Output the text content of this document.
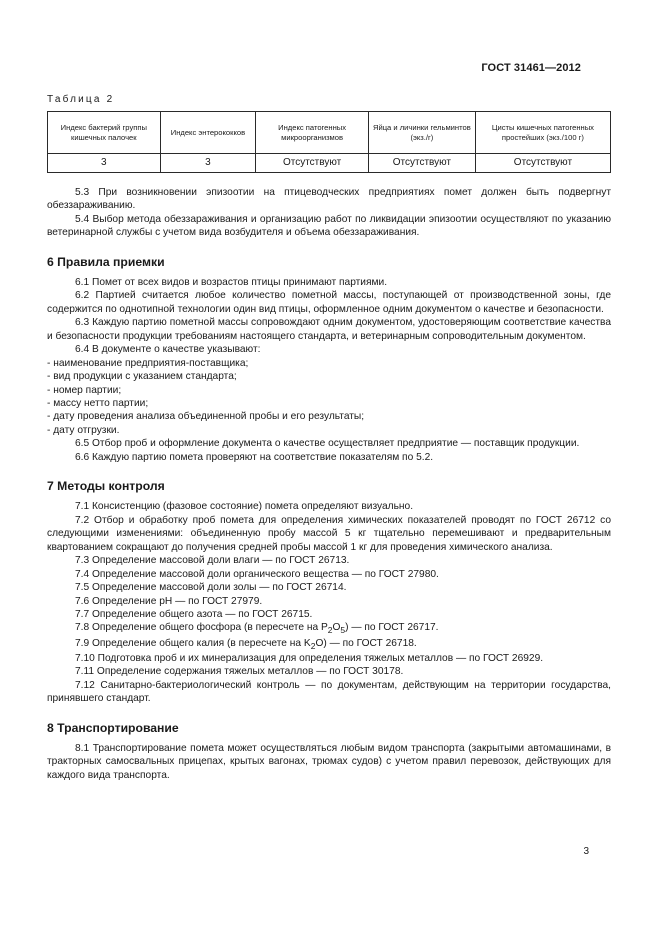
ГОСТ 31461—2012
Таблица 2
Индекс бактерий группы кишечных палочек	Индекс энтерококков	Индекс патогенных микроорганизмов	Яйца и личинки гельминтов (экз./г)	Цисты кишечных патогенных простейших (экз./100 г)
3	3	Отсутствуют	Отсутствуют	Отсутствуют

5.3 При возникновении эпизоотии на птицеводческих предприятиях помет должен быть подвергнут обеззараживанию.

5.4 Выбор метода обеззараживания и организацию работ по ликвидации эпизоотии осуществляют по указанию ветеринарной службы с учетом вида возбудителя и объема обеззараживания.

6 Правила приемки

6.1 Помет от всех видов и возрастов птицы принимают партиями.

6.2 Партией считается любое количество пометной массы, поступающей от производственной зоны, где содержится по однотипной технологии один вид птицы, оформленное одним документом о качестве и безопасности.

6.3 Каждую партию пометной массы сопровождают одним документом, удостоверяющим соответствие качества и безопасности продукции требованиям настоящего стандарта, и ветеринарным сопроводительным документом.

6.4 В документе о качестве указывают:

- наименование предприятия-поставщика;

- вид продукции с указанием стандарта;

- номер партии;

- массу нетто партии;

- дату проведения анализа объединенной пробы и его результаты;

- дату отгрузки.

6.5 Отбор проб и оформление документа о качестве осуществляет предприятие — поставщик продукции.

6.6 Каждую партию помета проверяют на соответствие показателям по 5.2.

7 Методы контроля

7.1 Консистенцию (фазовое состояние) помета определяют визуально.

7.2 Отбор и обработку проб помета для определения химических показателей проводят по ГОСТ 26712 со следующими изменениями: объединенную пробу массой 5 кг тщательно перемешивают и предварительным квартованием сокращают до получения средней пробы массой 1 кг для проведения химического анализа.

7.3 Определение массовой доли влаги — по ГОСТ 26713.

7.4 Определение массовой доли органического вещества — по ГОСТ 27980.

7.5 Определение массовой доли золы — по ГОСТ 26714.

7.6 Определение pH — по ГОСТ 27979.

7.7 Определение общего азота — по ГОСТ 26715.

7.8 Определение общего фосфора (в пересчете на $P_2O_5$) — по ГОСТ 26717.

7.9 Определение общего калия (в пересчете на $K_2O$) — по ГОСТ 26718.

7.10 Подготовка проб и их минерализация для определения тяжелых металлов — по ГОСТ 26929.

7.11 Определение содержания тяжелых металлов — по ГОСТ 30178.

7.12 Санитарно-бактериологический контроль — по документам, действующим на территории государства, принявшего стандарт.

8 Транспортирование

8.1 Транспортирование помета может осуществляться любым видом транспорта (закрытыми автомашинами, в тракторных самосвальных прицепах, крытых вагонах, трюмах судов) с учетом правил перевозок, действующих для каждого вида транспорта.

3
